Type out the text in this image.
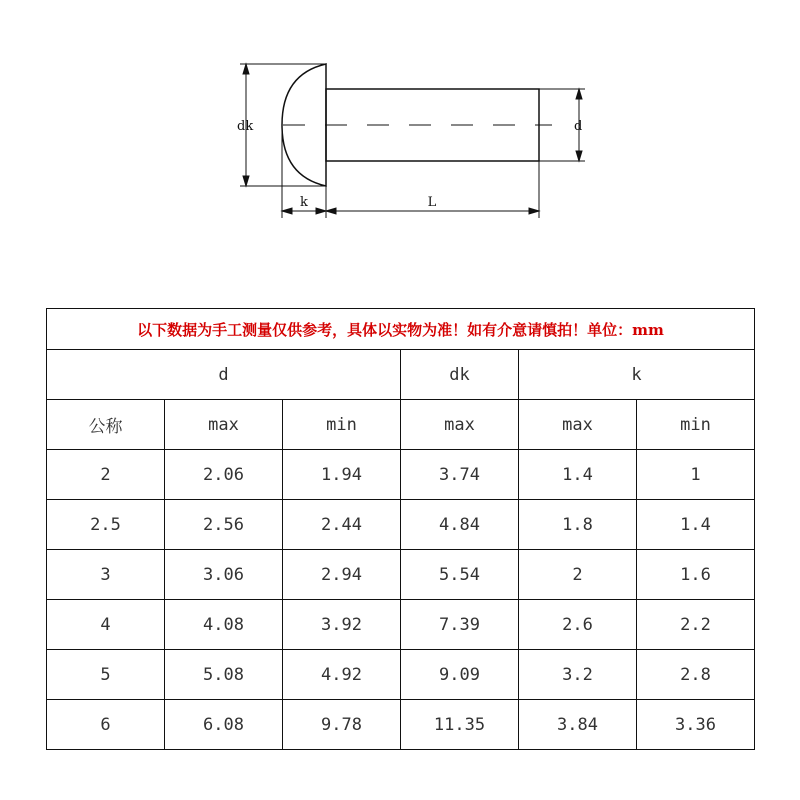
dk	d
k	L
以下数据为手工测量仅供参考，具体以实物为准！如有介意请慎拍！单位：mm					
d			dk	k	
公称	max	min	max	max	min
2	2.06	1.94	3.74	1.4	1
2.5	2.56	2.44	4.84	1.8	1.4
3	3.06	2.94	5.54	2	1.6
4	4.08	3.92	7.39	2.6	2.2
5	5.08	4.92	9.09	3.2	2.8
6	6.08	9.78	11.35	3.84	3.36
